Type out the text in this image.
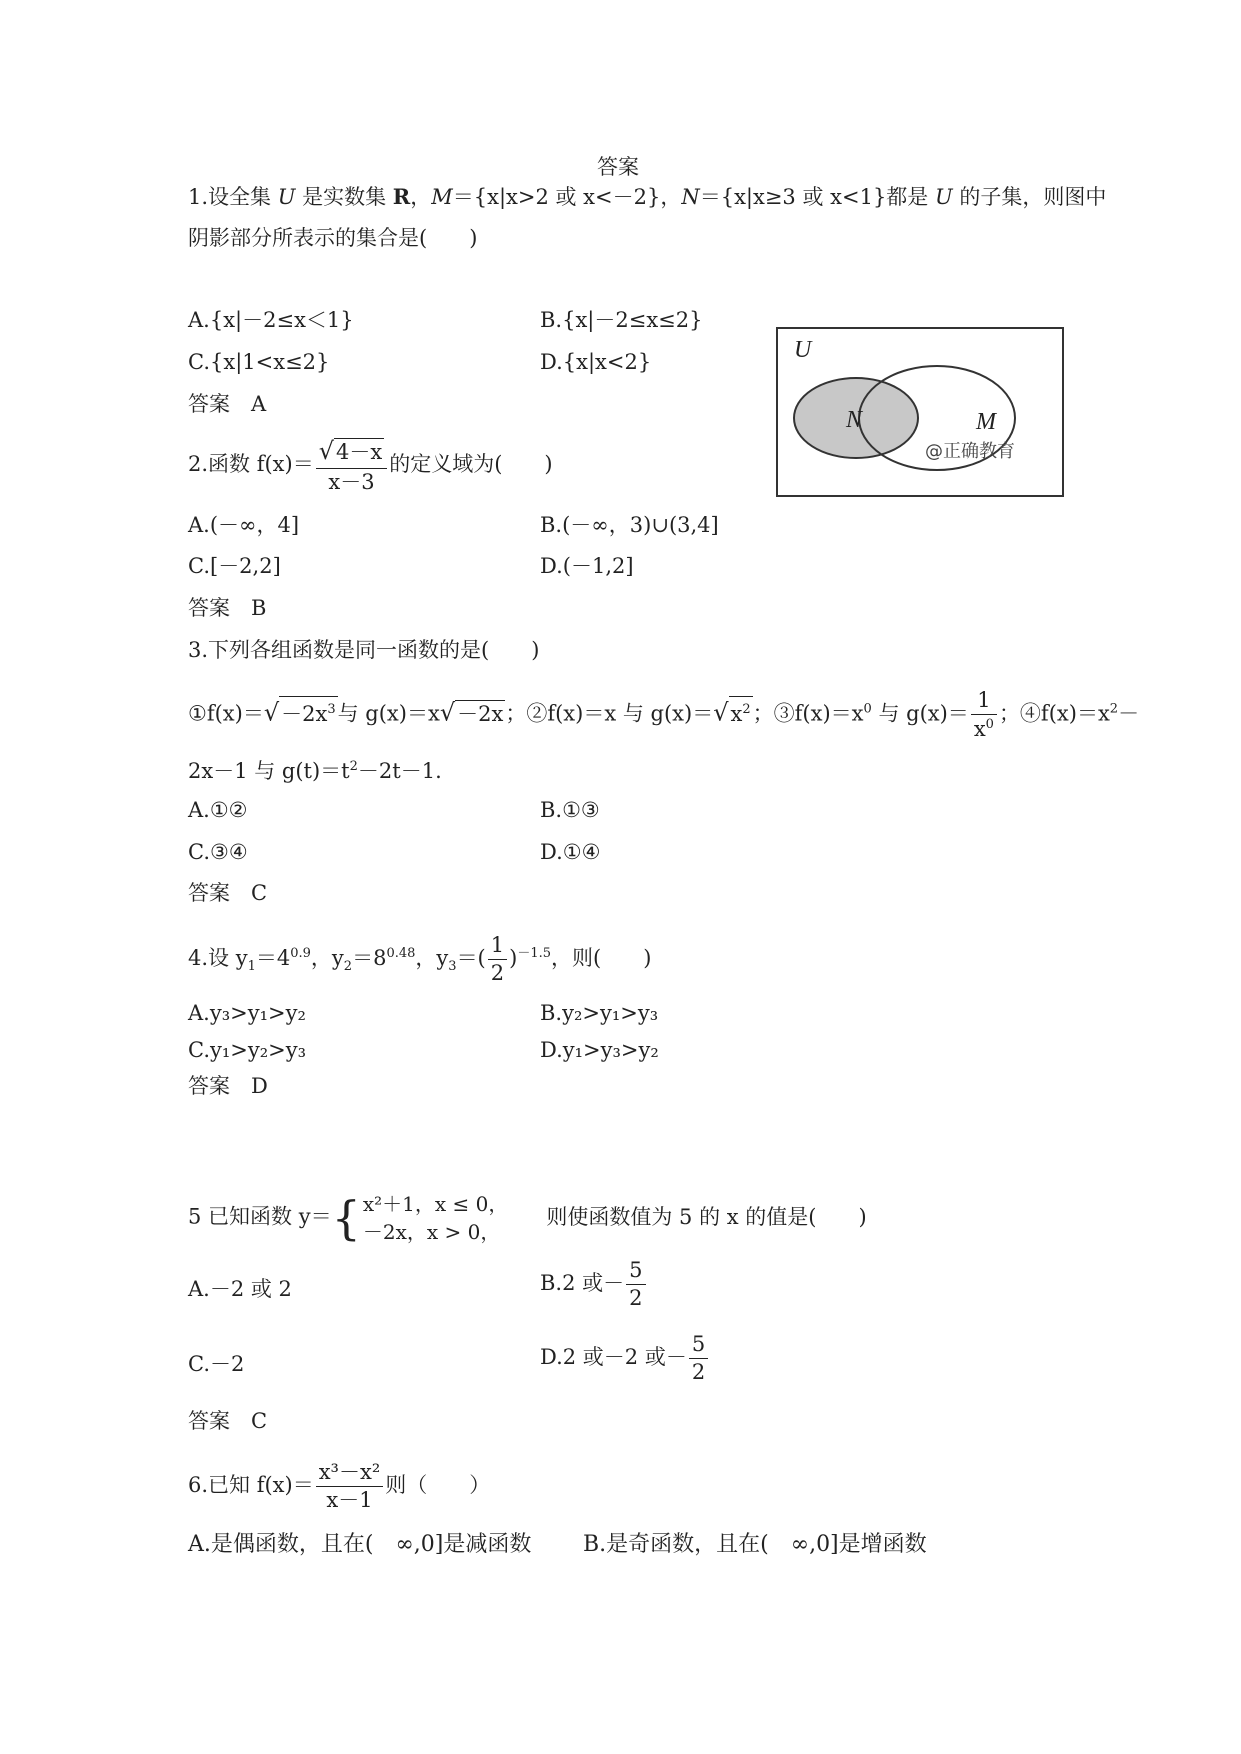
答案
1.设全集 U 是实数集 R，M＝{x|x>2 或 x<－2}，N＝{x|x≥3 或 x<1}都是 U 的子集，则图中
阴影部分所表示的集合是(　　)
A.{x|－2≤x＜1}	B.{x|－2≤x≤2}
C.{x|1<x≤2}	D.{x|x<2}
答案　A
U
N	M
@正确教育
2.函数 $f(x)= \frac{√4-x}{x-3}$ 的定义域为(　　)
A.(－∞，4]	B.(－∞，3)∪(3,4]
C.[－2,2]	D.(－1,2]
答案　B
3.下列各组函数是同一函数的是(　　)
$①f(x)=√-2x^3$与 g(x)＝x√－2x；②f(x)＝x 与 $g(x)=√x^2$；$③f(x)=x^0$ 与 $g(x)= \frac{1}{x^0}$ ；$④f(x)=x^2-$
2x－1 与 $g(t)=t^2-2t-1$.
A.①②	B.①③
C.③④	D.①④
答案　C
4.设 $y_1=4^{0.9}$，$y_2=8^{0.48}$，$y_3=( \frac{1}{2} )^{-1.5}$，则(　　)
A.y₃>y₁>y₂	B.y₂>y₁>y₃
C.y₁>y₂>y₃	D.y₁>y₃>y₂
答案　D
5 已知函数 y＝{ x²＋1，x ≤ 0，
－2x，x > 0，
则使函数值为 5 的 x 的值是(　　)
A.－2 或 2	B.2 或－ $\frac{5}{2}$
C.－2	D.2 或－2 或－ $\frac{5}{2}$
答案　C
6.已知 $f(x)= \frac{\text{x³－x²}}{x-1}$ 则（　　）
A.是偶函数，且在(　∞,0]是减函数 B.是奇函数，且在(　∞,0]是增函数
